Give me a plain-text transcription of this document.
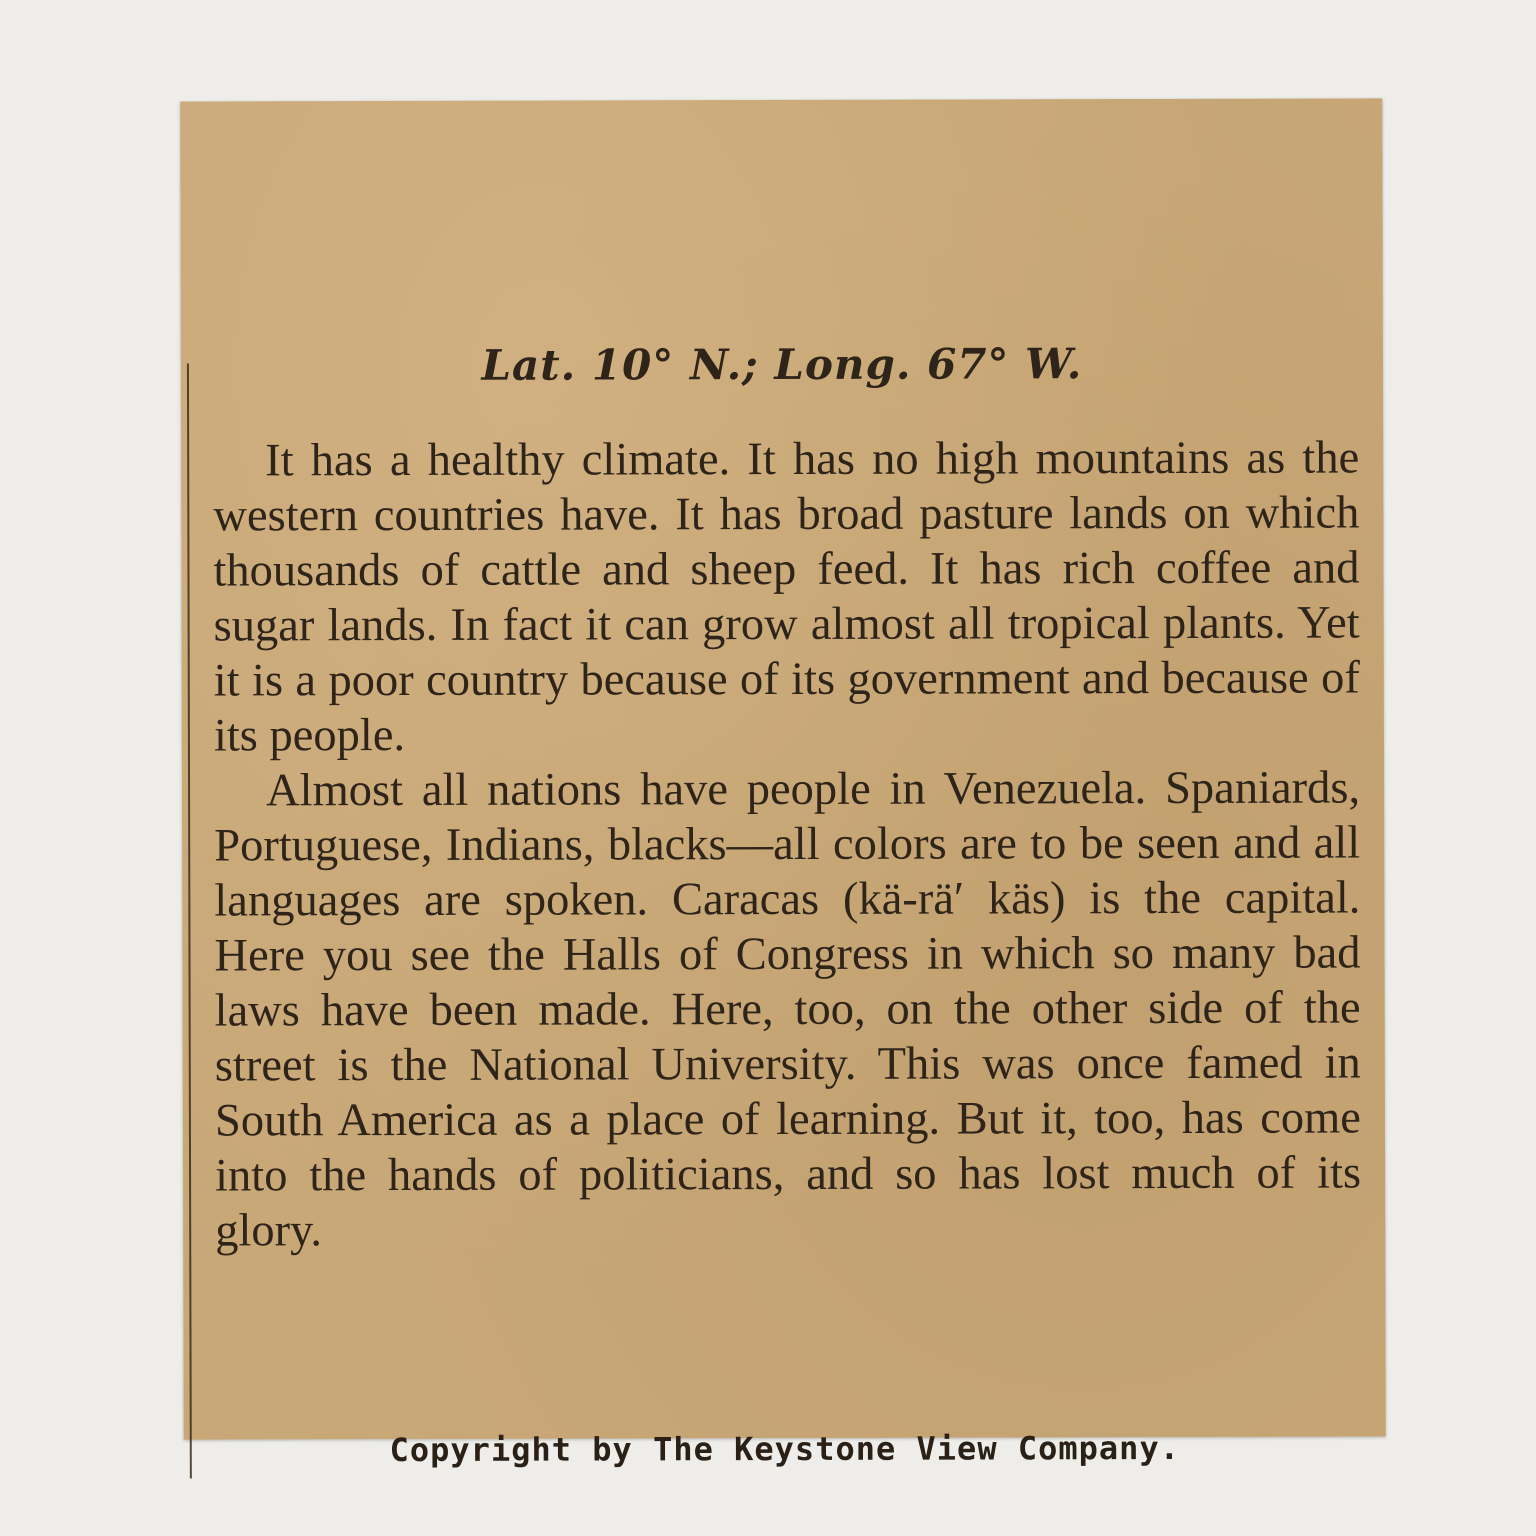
Lat. 10° N.; Long. 67° W.

It has a healthy climate. It has no high mountains as the western countries have. It has broad pasture lands on which thousands of cattle and sheep feed. It has rich coffee and sugar lands. In fact it can grow almost all tropical plants. Yet it is a poor country because of its government and because of its people.

Almost all nations have people in Venezuela. Spaniards, Portuguese, Indians, blacks—all colors are to be seen and all languages are spoken. Caracas (kä-rä′ käs) is the capital. Here you see the Halls of Congress in which so many bad laws have been made. Here, too, on the other side of the street is the National University. This was once famed in South America as a place of learning. But it, too, has come into the hands of politicians, and so has lost much of its glory.

Copyright by The Keystone View Company.
